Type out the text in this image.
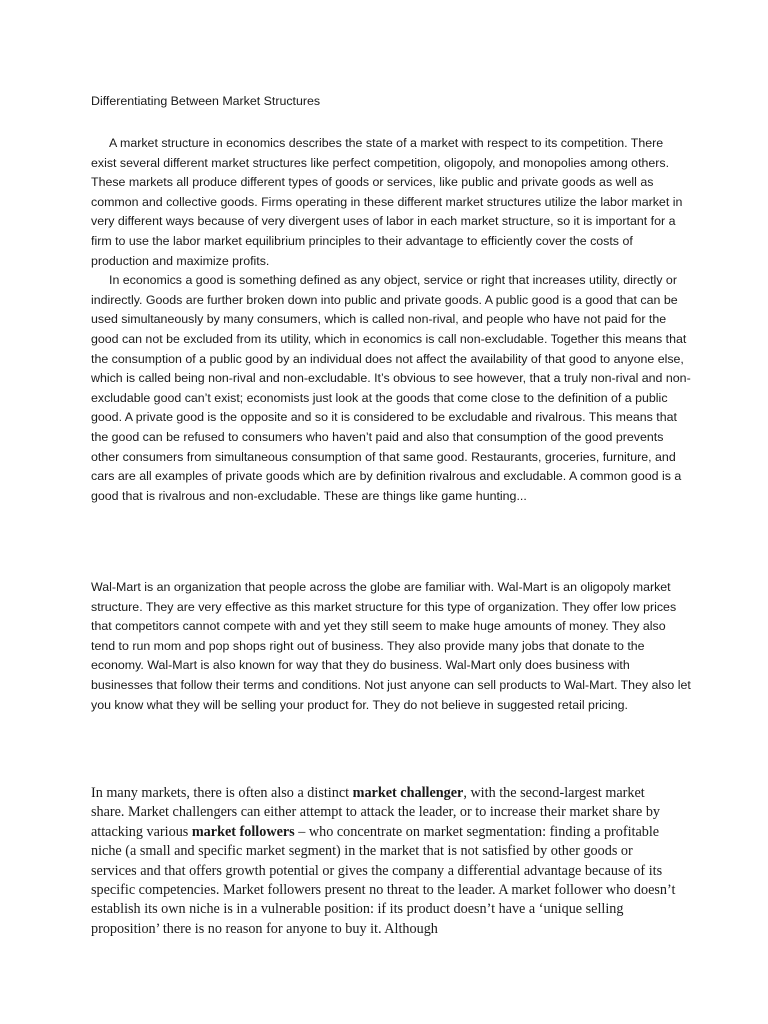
Differentiating Between Market Structures

A market structure in economics describes the state of a market with respect to its competition. There exist several different market structures like perfect competition, oligopoly, and monopolies among others. These markets all produce different types of goods or services, like public and private goods as well as common and collective goods. Firms operating in these different market structures utilize the labor market in very different ways because of very divergent uses of labor in each market structure, so it is important for a firm to use the labor market equilibrium principles to their advantage to efficiently cover the costs of production and maximize profits.

In economics a good is something defined as any object, service or right that increases utility, directly or indirectly. Goods are further broken down into public and private goods. A public good is a good that can be used simultaneously by many consumers, which is called non-rival, and people who have not paid for the good can not be excluded from its utility, which in economics is call non-excludable. Together this means that the consumption of a public good by an individual does not affect the availability of that good to anyone else, which is called being non-rival and non-excludable. It’s obvious to see however, that a truly non-rival and non-excludable good can’t exist; economists just look at the goods that come close to the definition of a public good. A private good is the opposite and so it is considered to be excludable and rivalrous. This means that the good can be refused to consumers who haven’t paid and also that consumption of the good prevents other consumers from simultaneous consumption of that same good. Restaurants, groceries, furniture, and cars are all examples of private goods which are by definition rivalrous and excludable. A common good is a good that is rivalrous and non-excludable. These are things like game hunting...

Wal-Mart is an organization that people across the globe are familiar with. Wal-Mart is an oligopoly market structure. They are very effective as this market structure for this type of organization. They offer low prices that competitors cannot compete with and yet they still seem to make huge amounts of money. They also tend to run mom and pop shops right out of business. They also provide many jobs that donate to the economy. Wal-Mart is also known for way that they do business. Wal-Mart only does business with businesses that follow their terms and conditions. Not just anyone can sell products to Wal-Mart. They also let you know what they will be selling your product for. They do not believe in suggested retail pricing.

In many markets, there is often also a distinct market challenger, with the second-largest market share. Market challengers can either attempt to attack the leader, or to increase their market share by attacking various market followers – who concentrate on market segmentation: finding a profitable niche (a small and specific market segment) in the market that is not satisfied by other goods or services and that offers growth potential or gives the company a differential advantage because of its specific competencies. Market followers present no threat to the leader. A market follower who doesn’t establish its own niche is in a vulnerable position: if its product doesn’t have a ‘unique selling proposition’ there is no reason for anyone to buy it. Although
